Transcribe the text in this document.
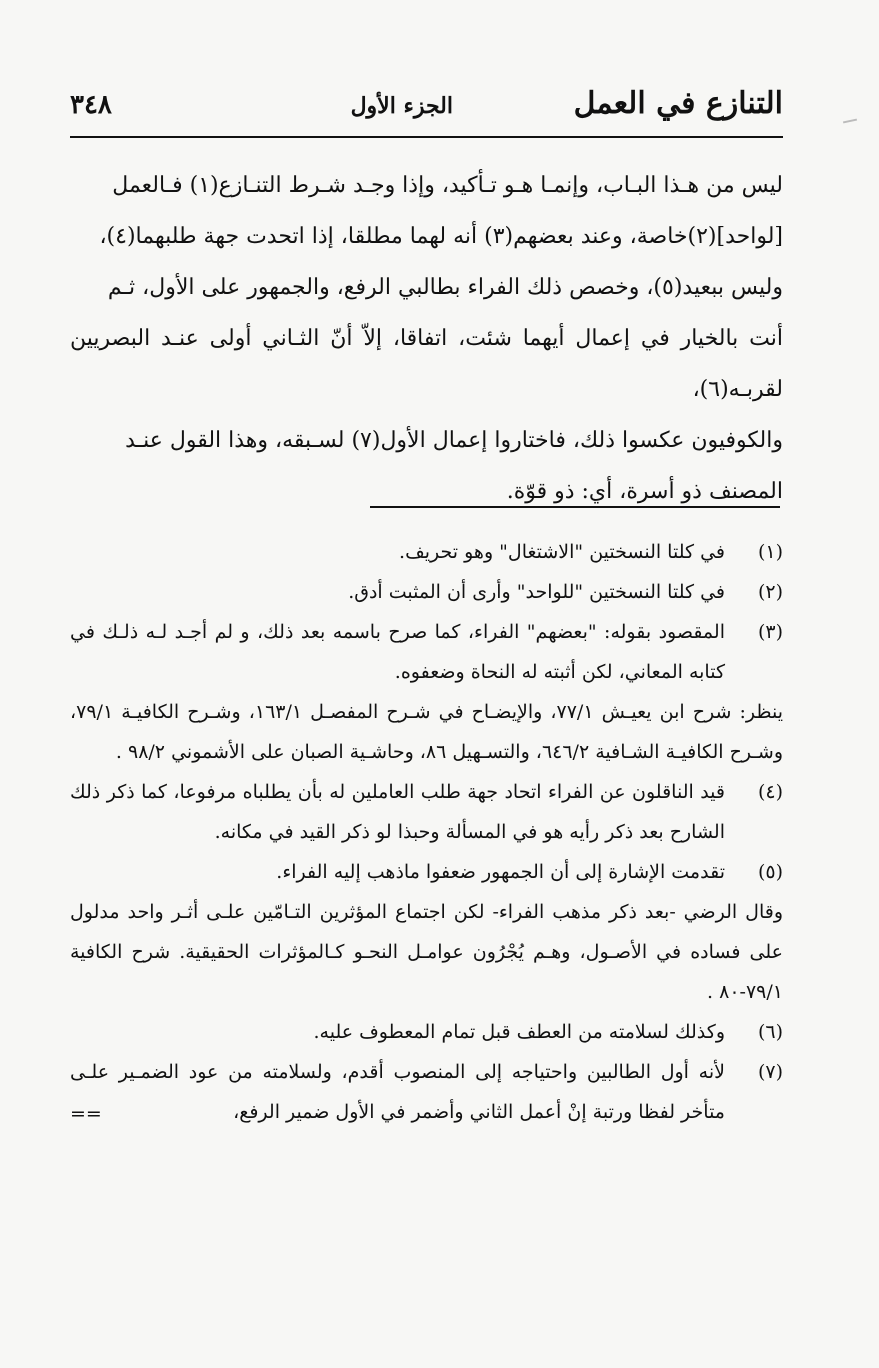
التنازع في العمل
الجزء الأول
٣٤٨
ليس من هـذا البـاب، وإنمـا هـو تـأكيد، وإذا وجـد شـرط التنـازع(١) فـالعمل
[لواحد](٢)خاصة، وعند بعضهم(٣) أنه لهما مطلقا، إذا اتحدت جهة طلبهما(٤)،
وليس ببعيد(٥)، وخصص ذلك الفراء بطالبي الرفع، والجمهور على الأول، ثـم
أنت بالخيار في إعمال أيهما شئت، اتفاقا، إلاّ أنّ الثـاني أولى عنـد البصريين لقربـه(٦)،
والكوفيون عكسوا ذلك، فاختاروا إعمال الأول(٧) لسـبقه، وهذا القول عنـد
المصنف ذو أسرة، أي: ذو قوّة.
(١)

في كلتا النسختين "الاشتغال" وهو تحريف.

(٢)

في كلتا النسختين "للواحد" وأرى أن المثبت أدق.

(٣)

المقصود بقوله: "بعضهم" الفراء، كما صرح باسمه بعد ذلك، و لم أجـد لـه ذلـك في كتابه المعاني، لكن أثبته له النحاة وضعفوه.

ينظر: شرح ابن يعيـش ٧٧/١، والإيضـاح في شـرح المفصـل ١٦٣/١، وشـرح الكافيـة ٧٩/١، وشـرح الكافيـة الشـافية ٦٤٦/٢، والتسـهيل ٨٦، وحاشـية الصبان على الأشموني ٩٨/٢ .

(٤)

قيد الناقلون عن الفراء اتحاد جهة طلب العاملين له بأن يطلباه مرفوعا، كما ذكر ذلك الشارح بعد ذكر رأيه هو في المسألة وحبذا لو ذكر القيد في مكانه.

(٥)

تقدمت الإشارة إلى أن الجمهور ضعفوا ماذهب إليه الفراء.

وقال الرضي -بعد ذكر مذهب الفراء- لكن اجتماع المؤثرين التـامّين علـى أثـر واحد مدلول على فساده في الأصـول، وهـم يُجْرُون عوامـل النحـو كـالمؤثرات الحقيقية. شرح الكافية ٧٩/١-٨٠ .

(٦)

وكذلك لسلامته من العطف قبل تمام المعطوف عليه.

(٧)

لأنه أول الطالبين واحتياجه إلى المنصوب أقدم، ولسلامته من عود الضمـير علـى متأخر لفظا ورتبة إنْ أعمل الثاني وأضمر في الأول ضمير الرفع،

==
